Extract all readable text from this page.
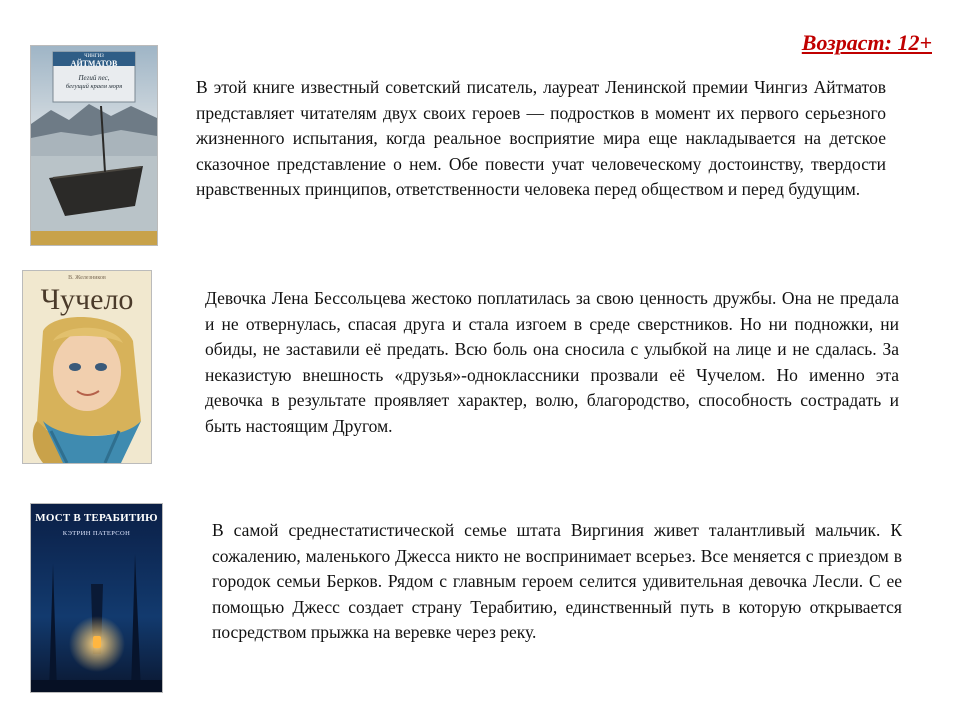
Возраст: 12+
ЧИНГИЗ
АЙТМАТОВ
Пегий пес,
бегущий краем моря	В этой книге известный советский писатель, лауреат Ленинской премии Чингиз Айтматов представляет читателям двух своих героев — подростков в момент их первого серьезного жизненного испытания, когда реальное восприятие мира еще накладывается на детское сказочное представление о нем. Обе повести учат человеческому достоинству, твердости нравственных принципов, ответственности человека перед обществом и перед будущим.

В. Железников
Чучело	Девочка Лена Бессольцева жестоко поплатилась за свою ценность дружбы. Она не предала и не отвернулась, спасая друга и стала изгоем в среде сверстников. Но ни подножки, ни обиды, не заставили её предать. Всю боль она сносила с улыбкой на лице и не сдалась. За неказистую внешность «друзья»-одноклассники прозвали её Чучелом. Но именно эта девочка в результате проявляет характер, волю, благородство, способность сострадать и быть настоящим Другом.

МОСТ В ТЕРАБИТИЮ
КЭТРИН ПАТЕРСОН	В самой среднестатистической семье штата Виргиния живет талантливый мальчик. К сожалению, маленького Джесса никто не воспринимает всерьез. Все меняется с приездом в городок семьи Берков. Рядом с главным героем селится удивительная девочка Лесли. С ее помощью Джесс создает страну Терабитию, единственный путь в которую открывается посредством прыжка на веревке через реку.
